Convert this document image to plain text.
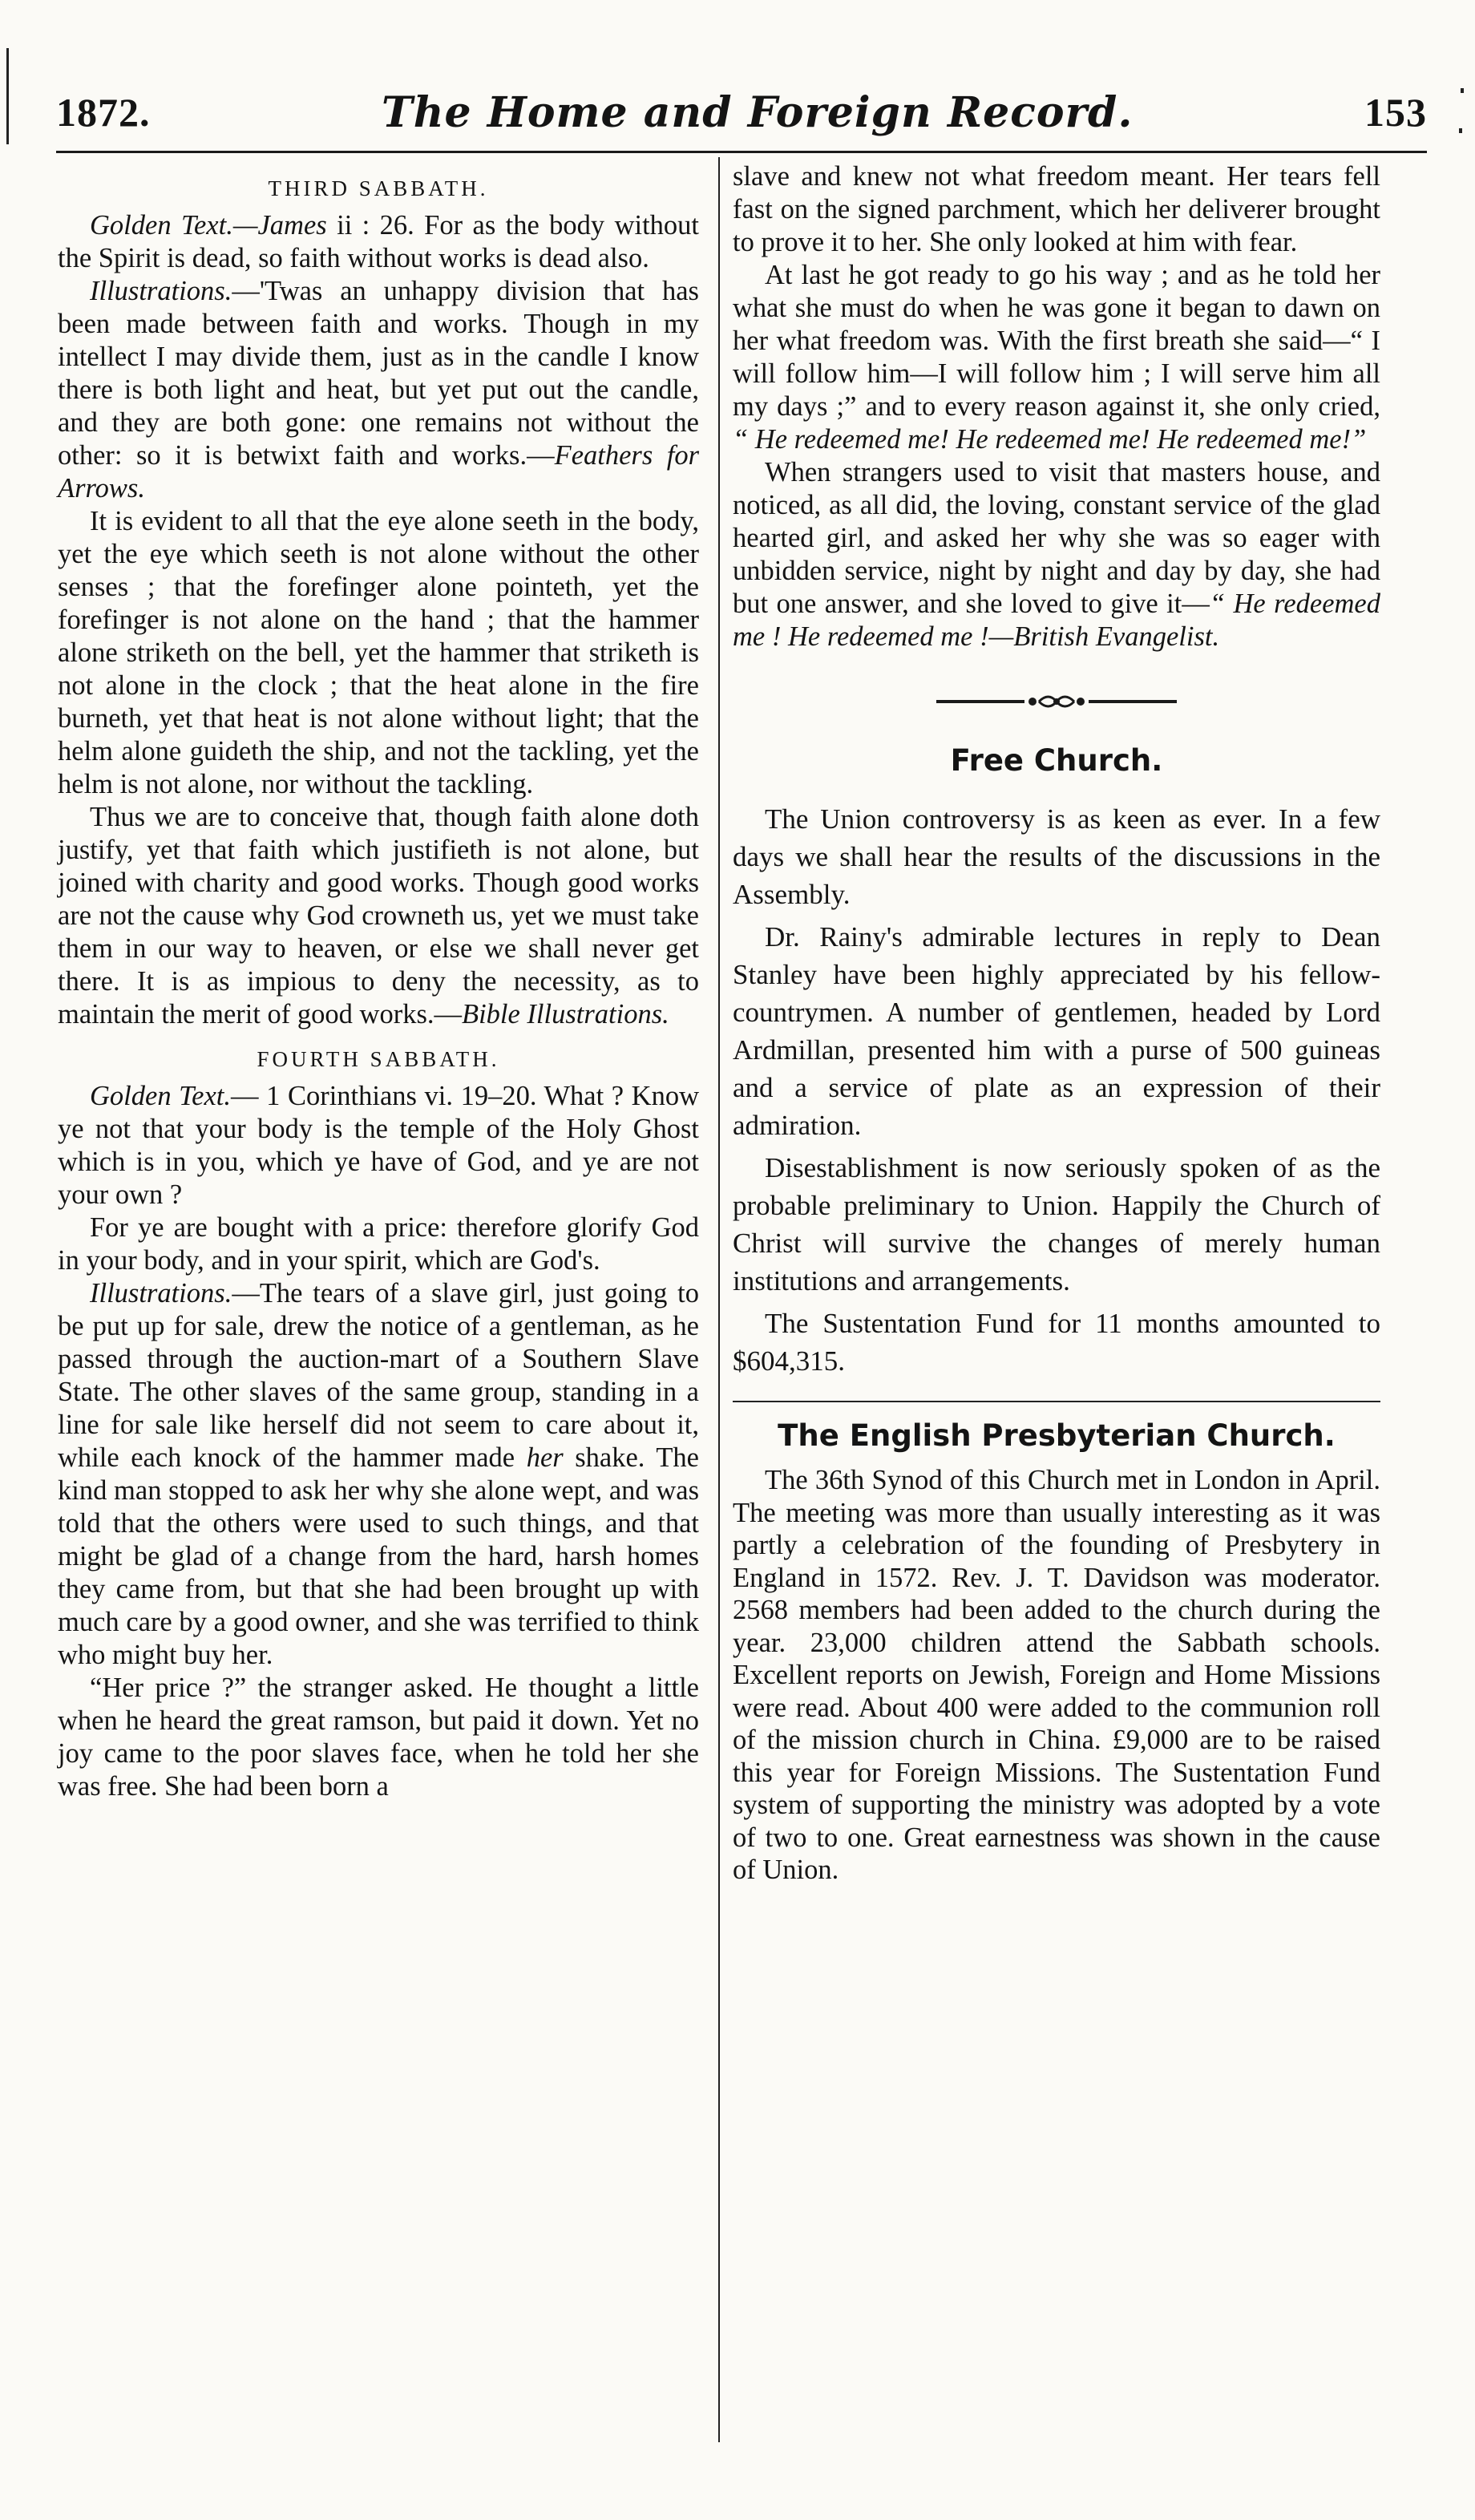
1872.	The Home and Foreign Record.	153
THIRD SABBATH.

Golden Text.—James ii : 26. For as the body without the Spirit is dead, so faith without works is dead also.

Illustrations.—'Twas an unhappy division that has been made between faith and works. Though in my intellect I may divide them, just as in the candle I know there is both light and heat, but yet put out the candle, and they are both gone: one remains not without the other: so it is betwixt faith and works.—Feathers for Arrows.

It is evident to all that the eye alone seeth in the body, yet the eye which seeth is not alone without the other senses ; that the forefinger alone pointeth, yet the forefinger is not alone on the hand ; that the hammer alone striketh on the bell, yet the hammer that striketh is not alone in the clock ; that the heat alone in the fire burneth, yet that heat is not alone without light; that the helm alone guideth the ship, and not the tackling, yet the helm is not alone, nor without the tackling.

Thus we are to conceive that, though faith alone doth justify, yet that faith which justifieth is not alone, but joined with charity and good works. Though good works are not the cause why God crowneth us, yet we must take them in our way to heaven, or else we shall never get there. It is as impious to deny the necessity, as to maintain the merit of good works.—Bible Illustrations.

FOURTH SABBATH.

Golden Text.— 1 Corinthians vi. 19–20. What ? Know ye not that your body is the temple of the Holy Ghost which is in you, which ye have of God, and ye are not your own ?

For ye are bought with a price: therefore glorify God in your body, and in your spirit, which are God's.

Illustrations.—The tears of a slave girl, just going to be put up for sale, drew the notice of a gentleman, as he passed through the auction-mart of a Southern Slave State. The other slaves of the same group, standing in a line for sale like herself did not seem to care about it, while each knock of the hammer made her shake. The kind man stopped to ask her why she alone wept, and was told that the others were used to such things, and that might be glad of a change from the hard, harsh homes they came from, but that she had been brought up with much care by a good owner, and she was terrified to think who might buy her.

“Her price ?” the stranger asked. He thought a little when he heard the great ramson, but paid it down. Yet no joy came to the poor slaves face, when he told her she was free. She had been born a

slave and knew not what freedom meant. Her tears fell fast on the signed parchment, which her deliverer brought to prove it to her. She only looked at him with fear.

At last he got ready to go his way ; and as he told her what she must do when he was gone it began to dawn on her what freedom was. With the first breath she said—“ I will follow him—I will follow him ; I will serve him all my days ;” and to every reason against it, she only cried, “ He redeemed me! He redeemed me! He redeemed me!”

When strangers used to visit that masters house, and noticed, as all did, the loving, constant service of the glad hearted girl, and asked her why she was so eager with unbidden service, night by night and day by day, she had but one answer, and she loved to give it—“ He redeemed me ! He redeemed me !—British Evangelist.

Free Church.

The Union controversy is as keen as ever. In a few days we shall hear the results of the discussions in the Assembly.

Dr. Rainy's admirable lectures in reply to Dean Stanley have been highly appreciated by his fellow-countrymen. A number of gentlemen, headed by Lord Ardmillan, presented him with a purse of 500 guineas and a service of plate as an expression of their admiration.

Disestablishment is now seriously spoken of as the probable preliminary to Union. Happily the Church of Christ will survive the changes of merely human institutions and arrangements.

The Sustentation Fund for 11 months amounted to $604,315.

The English Presbyterian Church.

The 36th Synod of this Church met in London in April. The meeting was more than usually interesting as it was partly a celebration of the founding of Presbytery in England in 1572. Rev. J. T. Davidson was moderator. 2568 members had been added to the church during the year. 23,000 children attend the Sabbath schools. Excellent reports on Jewish, Foreign and Home Missions were read. About 400 were added to the communion roll of the mission church in China. £9,000 are to be raised this year for Foreign Missions. The Sustentation Fund system of supporting the ministry was adopted by a vote of two to one. Great earnestness was shown in the cause of Union.
